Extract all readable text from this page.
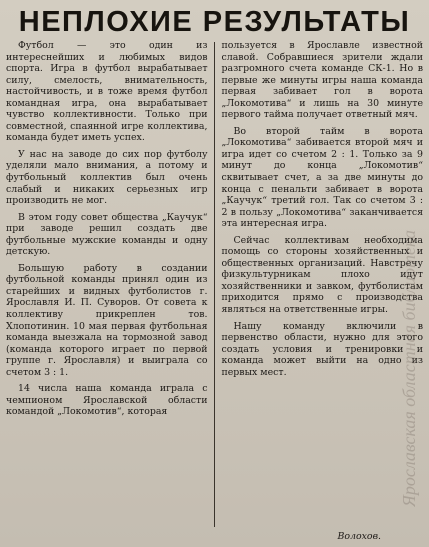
НЕПЛОХИЕ РЕЗУЛЬТАТЫ

Футбол — это один из интереснейших и любимых видов спорта. Игра в футбол вырабатывает силу, смелость, внимательность, настойчивость, и в тоже время футбол командная игра, она вырабатывает чувство коллективности. Только при совместной, спаянной игре коллектива, команда будет иметь успех.

У нас на заводе до сих пор футболу уделяли мало внимания, а потому и футбольный коллектив был очень слабый и никаких серьезных игр производить не мог.

В этом году совет общества „Каучук“ при заводе решил создать две футбольные мужские команды и одну детскую.

Большую работу в создании футбольной команды принял один из старейших и видных футболистов г. Ярославля И. П. Суворов. От совета к коллективу прикреплен тов. Хлопотинин. 10 мая первая футбольная команда выезжала на тормозной завод (команда которого играет по первой группе г. Ярославля) и выиграла со счетом 3 : 1.

14 числа наша команда играла с чемпионом Ярославской области командой „Локомотив“, которая

пользуется в Ярославле известной славой. Собравшиеся зрители ждали разгромного счета команде СК-1. Но в первые же минуты игры наша команда первая забивает гол в ворота „Локомотива“ и лишь на 30 минуте первого тайма получает ответный мяч.

Во второй тайм в ворота „Локомотива“ забивается второй мяч и игра идет со счетом 2 : 1. Только за 9 минут до конца „Локомотив“ сквитывает счет, а за две минуты до конца с пенальти забивает в ворота „Каучук“ третий гол. Так со счетом 3 : 2 в пользу „Локомотива“ заканчивается эта интересная игра.

Сейчас коллективам необходима помощь со стороны хозяйственных и общественных организаций. Навстречу физкультурникам плохо идут хозяйственники и завком, футболистам приходится прямо с производства являться на ответственные игры.

Нашу команду включили в первенство области, нужно для этого создать условия и тренировки и команда может выйти на одно из первых мест.

Волохов.
Ярославская областная библиотека
